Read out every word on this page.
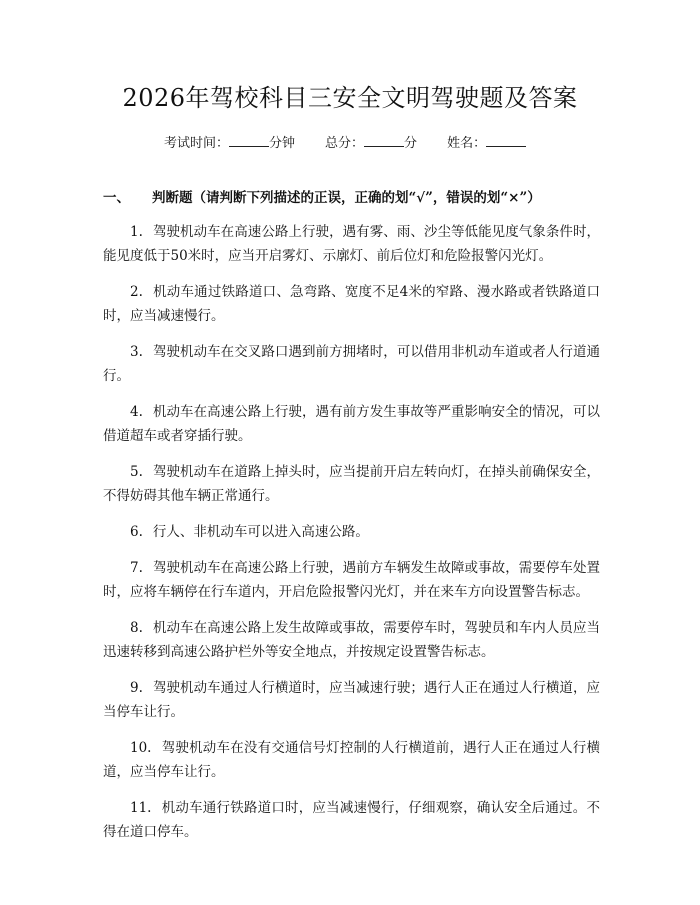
2026年驾校科目三安全文明驾驶题及答案
考试时间：	分钟 总分：	分 姓名：
一、 判断题（请判断下列描述的正误，正确的划“√”，错误的划“×”）

1. 驾驶机动车在高速公路上行驶，遇有雾、雨、沙尘等低能见度气象条件时，能见度低于50米时，应当开启雾灯、示廓灯、前后位灯和危险报警闪光灯。

2. 机动车通过铁路道口、急弯路、宽度不足4米的窄路、漫水路或者铁路道口时，应当减速慢行。

3. 驾驶机动车在交叉路口遇到前方拥堵时，可以借用非机动车道或者人行道通行。

4. 机动车在高速公路上行驶，遇有前方发生事故等严重影响安全的情况，可以借道超车或者穿插行驶。

5. 驾驶机动车在道路上掉头时，应当提前开启左转向灯，在掉头前确保安全，不得妨碍其他车辆正常通行。

6. 行人、非机动车可以进入高速公路。

7. 驾驶机动车在高速公路上行驶，遇前方车辆发生故障或事故，需要停车处置时，应将车辆停在行车道内，开启危险报警闪光灯，并在来车方向设置警告标志。

8. 机动车在高速公路上发生故障或事故，需要停车时，驾驶员和车内人员应当迅速转移到高速公路护栏外等安全地点，并按规定设置警告标志。

9. 驾驶机动车通过人行横道时，应当减速行驶；遇行人正在通过人行横道，应当停车让行。

10. 驾驶机动车在没有交通信号灯控制的人行横道前，遇行人正在通过人行横道，应当停车让行。

11. 机动车通行铁路道口时，应当减速慢行，仔细观察，确认安全后通过。不得在道口停车。
